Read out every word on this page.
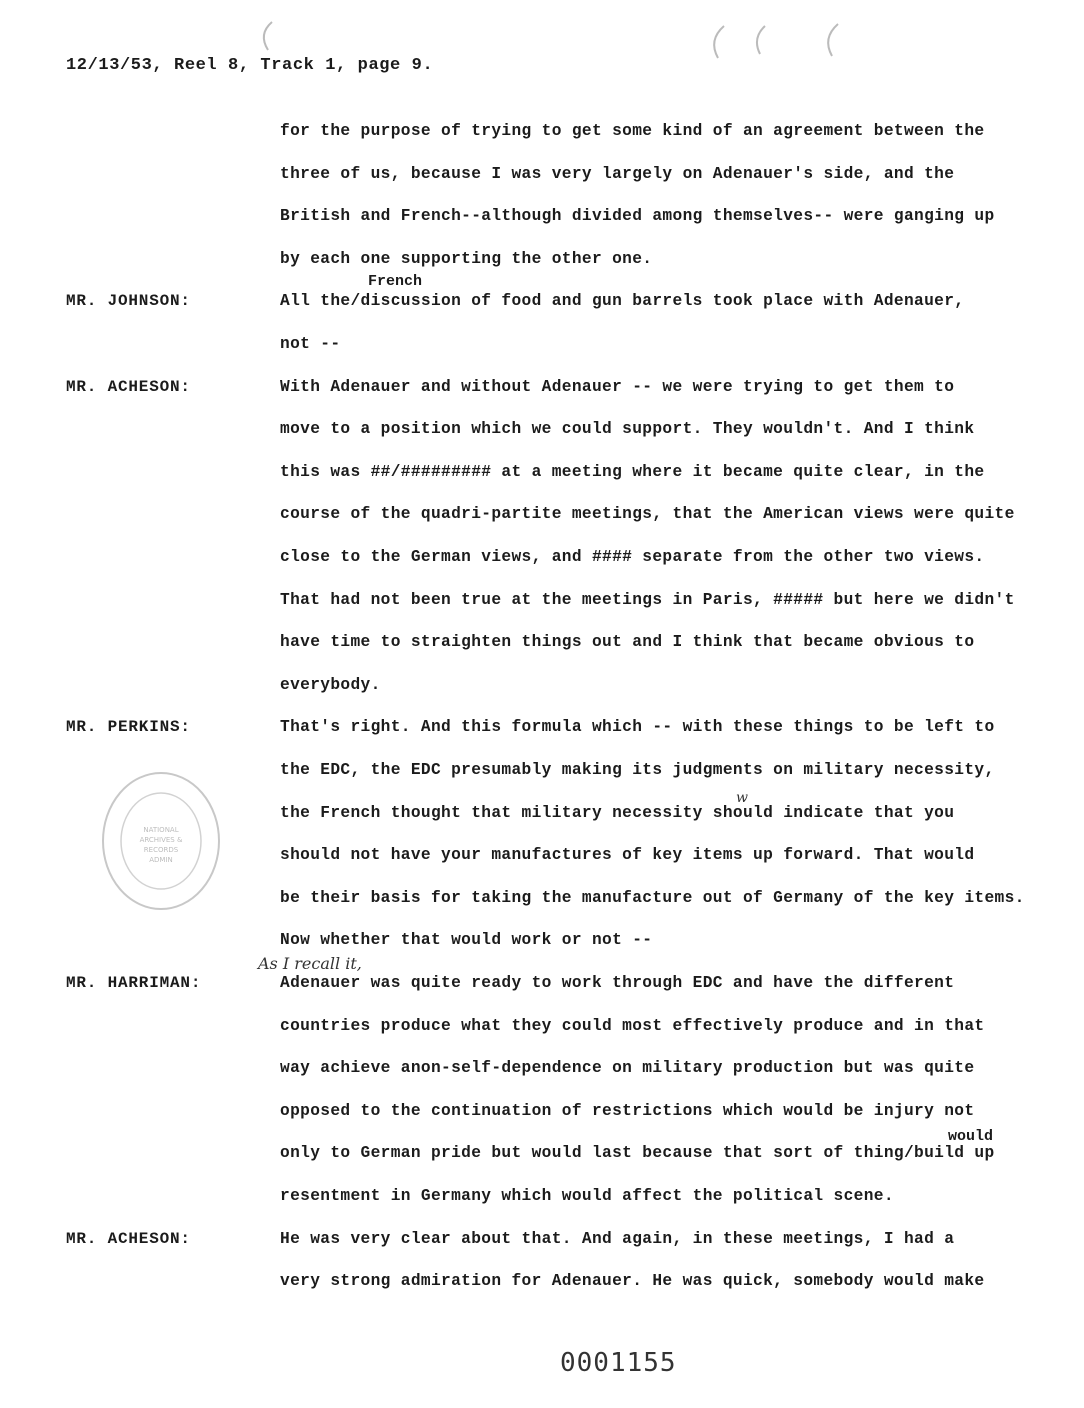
12/13/53, Reel 8, Track 1, page 9.
for the purpose of trying to get some kind of an agreement between the
three of us, because I was very largely on Adenauer's side, and the
British and French--although divided among themselves-- were ganging up
by each one supporting the other one.
MR. JOHNSON:	All the/discussion of food and gun barrels took place with Adenauer,
not --
MR. ACHESON:	With Adenauer and without Adenauer -- we were trying to get them to
move to a position which we could support. They wouldn't. And I think
this was ##/######### at a meeting where it became quite clear, in the
course of the quadri-partite meetings, that the American views were quite
close to the German views, and #### separate from the other two views.
That had not been true at the meetings in Paris, ##### but here we didn't
have time to straighten things out and I think that became obvious to
everybody.
MR. PERKINS:	That's right. And this formula which -- with these things to be left to
the EDC, the EDC presumably making its judgments on military necessity,
the French thought that military necessity should indicate that you
should not have your manufactures of key items up forward. That would
be their basis for taking the manufacture out of Germany of the key items.
Now whether that would work or not --
MR. HARRIMAN:	Adenauer was quite ready to work through EDC and have the different
countries produce what they could most effectively produce and in that
way achieve anon-self-dependence on military production but was quite
opposed to the continuation of restrictions which would be injury not
only to German pride but would last because that sort of thing/build up
resentment in Germany which would affect the political scene.
MR. ACHESON:	He was very clear about that. And again, in these meetings, I had a
very strong admiration for Adenauer. He was quick, somebody would make
French
would
As I recall it,
w
NATIONAL
ARCHIVES &
RECORDS
ADMIN
0001155
